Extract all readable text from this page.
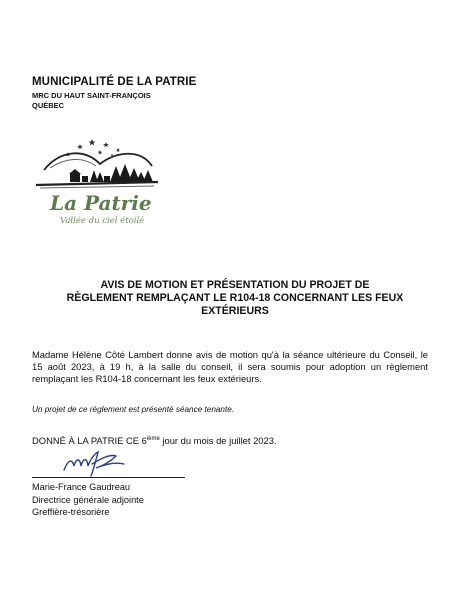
MUNICIPALITÉ DE LA PATRIE
MRC DU HAUT SAINT-FRANÇOIS
QUÉBEC
La Patrie
Vallée du ciel étoilé
AVIS DE MOTION ET PRÉSENTATION DU PROJET DE
RÈGLEMENT REMPLAÇANT LE R104-18 CONCERNANT LES FEUX
EXTÉRIEURS
Madame Hélène Côté Lambert donne avis de motion qu'à la séance ultérieure du Conseil, le 15 août 2023, à 19 h, à la salle du conseil, il sera soumis pour adoption un règlement remplaçant les R104-18 concernant les feux extérieurs.
Un projet de ce règlement est présenté séance tenante.
DONNÉ À LA PATRIE CE 6ième jour du mois de juillet 2023.
Marie-France Gaudreau
Directrice générale adjointe
Greffière-trésorière
